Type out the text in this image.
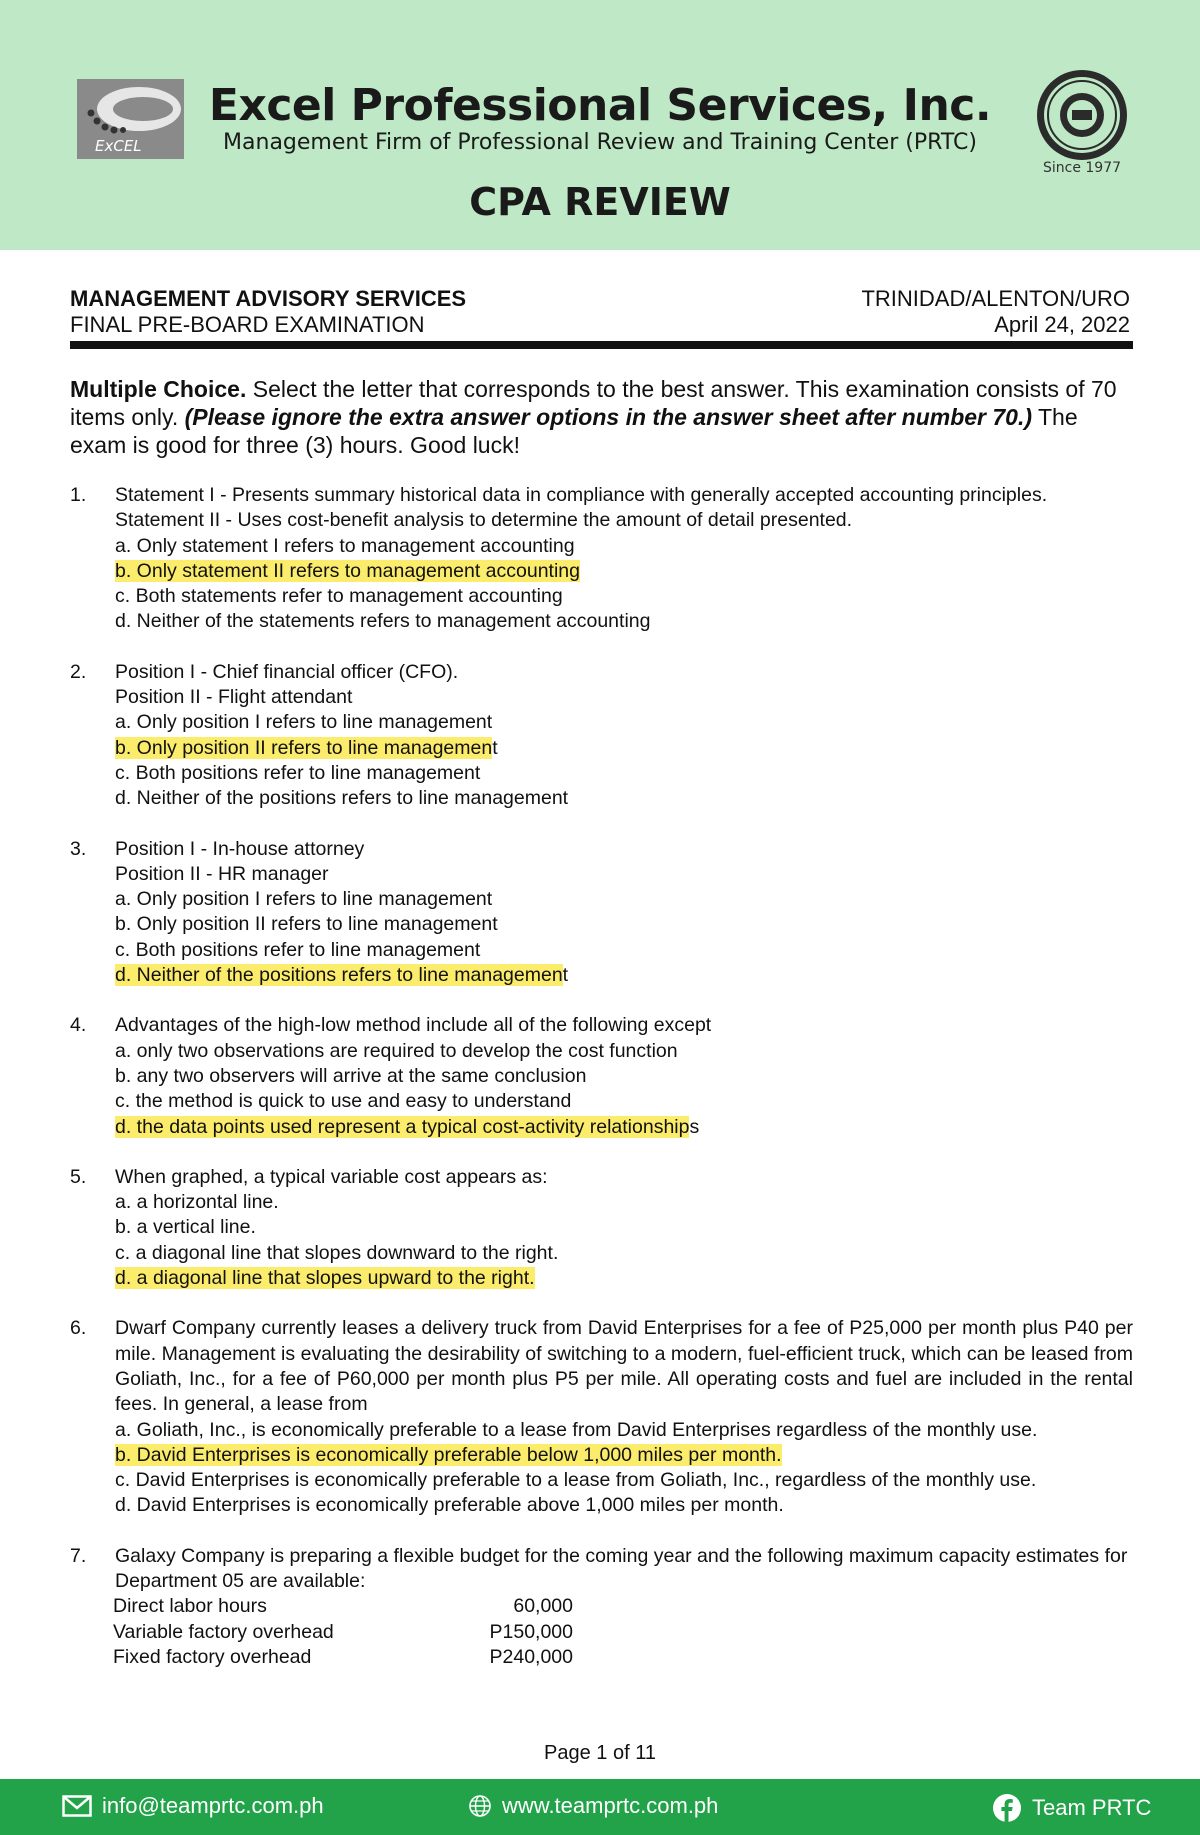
ExCEL
Excel Professional Services, Inc.
Management Firm of Professional Review and Training Center (PRTC)
CPA REVIEW
Since 1977
MANAGEMENT ADVISORY SERVICES	TRINIDAD/ALENTON/URO
FINAL PRE-BOARD EXAMINATION	April 24, 2022
Multiple Choice. Select the letter that corresponds to the best answer. This examination consists of 70 items only. (Please ignore the extra answer options in the answer sheet after number 70.) The exam is good for three (3) hours. Good luck!
1. Statement I - Presents summary historical data in compliance with generally accepted accounting principles.
Statement II - Uses cost-benefit analysis to determine the amount of detail presented.
a. Only statement I refers to management accounting
b. Only statement II refers to management accounting
c. Both statements refer to management accounting
d. Neither of the statements refers to management accounting
2. Position I - Chief financial officer (CFO).
Position II - Flight attendant
a. Only position I refers to line management
b. Only position II refers to line management
c. Both positions refer to line management
d. Neither of the positions refers to line management
3. Position I - In-house attorney
Position II - HR manager
a. Only position I refers to line management
b. Only position II refers to line management
c. Both positions refer to line management
d. Neither of the positions refers to line management
4. Advantages of the high-low method include all of the following except
a. only two observations are required to develop the cost function
b. any two observers will arrive at the same conclusion
c. the method is quick to use and easy to understand
d. the data points used represent a typical cost-activity relationships
5. When graphed, a typical variable cost appears as:
a. a horizontal line.
b. a vertical line.
c. a diagonal line that slopes downward to the right.
d. a diagonal line that slopes upward to the right.
6. Dwarf Company currently leases a delivery truck from David Enterprises for a fee of P25,000 per month plus P40 per mile. Management is evaluating the desirability of switching to a modern, fuel-efficient truck, which can be leased from Goliath, Inc., for a fee of P60,000 per month plus P5 per mile. All operating costs and fuel are included in the rental fees. In general, a lease from
a. Goliath, Inc., is economically preferable to a lease from David Enterprises regardless of the monthly use.
b. David Enterprises is economically preferable below 1,000 miles per month.
c. David Enterprises is economically preferable to a lease from Goliath, Inc., regardless of the monthly use.
d. David Enterprises is economically preferable above 1,000 miles per month.
7. Galaxy Company is preparing a flexible budget for the coming year and the following maximum capacity estimates for Department 05 are available:
Direct labor hours	60,000
Variable factory overhead	P150,000
Fixed factory overhead	P240,000
Page 1 of 11
info@teamprtc.com.ph	www.teamprtc.com.ph	Team PRTC
